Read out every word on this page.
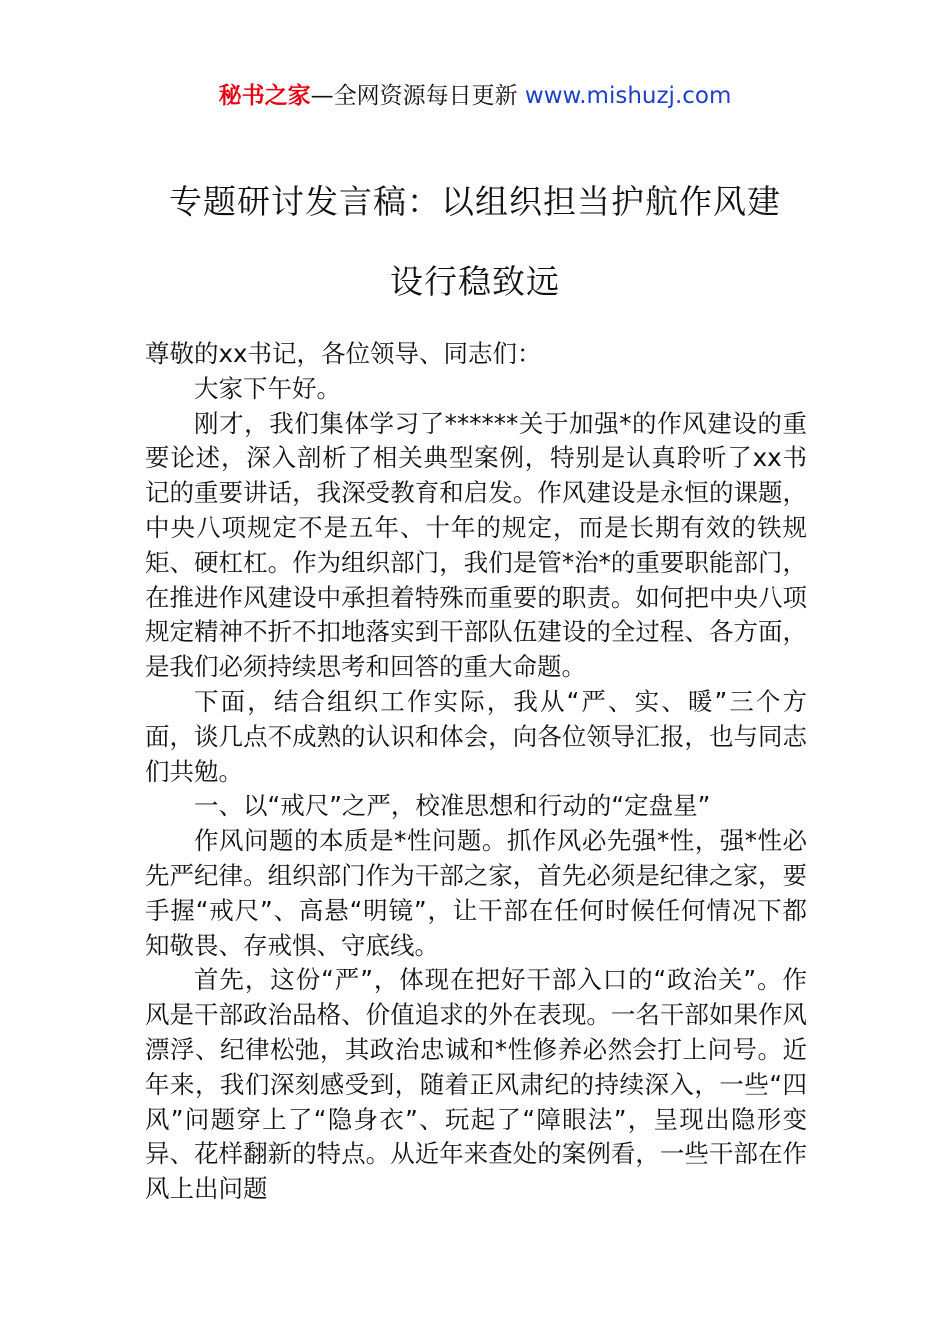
秘书之家—全网资源每日更新 www.mishuzj.com
专题研讨发言稿：以组织担当护航作风建
设行稳致远

尊敬的xx书记，各位领导、同志们：

大家下午好。

刚才，我们集体学习了******关于加强*的作风建设的重要论述，深入剖析了相关典型案例，特别是认真聆听了xx书记的重要讲话，我深受教育和启发。作风建设是永恒的课题，中央八项规定不是五年、十年的规定，而是长期有效的铁规矩、硬杠杠。作为组织部门，我们是管*治*的重要职能部门，在推进作风建设中承担着特殊而重要的职责。如何把中央八项规定精神不折不扣地落实到干部队伍建设的全过程、各方面，是我们必须持续思考和回答的重大命题。

下面，结合组织工作实际，我从“严、实、暖”三个方面，谈几点不成熟的认识和体会，向各位领导汇报，也与同志们共勉。

一、以“戒尺”之严，校准思想和行动的“定盘星”

作风问题的本质是*性问题。抓作风必先强*性，强*性必先严纪律。组织部门作为干部之家，首先必须是纪律之家，要手握“戒尺”、高悬“明镜”，让干部在任何时候任何情况下都知敬畏、存戒惧、守底线。

首先，这份“严”，体现在把好干部入口的“政治关”。作风是干部政治品格、价值追求的外在表现。一名干部如果作风漂浮、纪律松弛，其政治忠诚和*性修养必然会打上问号。近年来，我们深刻感受到，随着正风肃纪的持续深入，一些“四风”问题穿上了“隐身衣”、玩起了“障眼法”，呈现出隐形变异、花样翻新的特点。从近年来查处的案例看，一些干部在作风上出问题
